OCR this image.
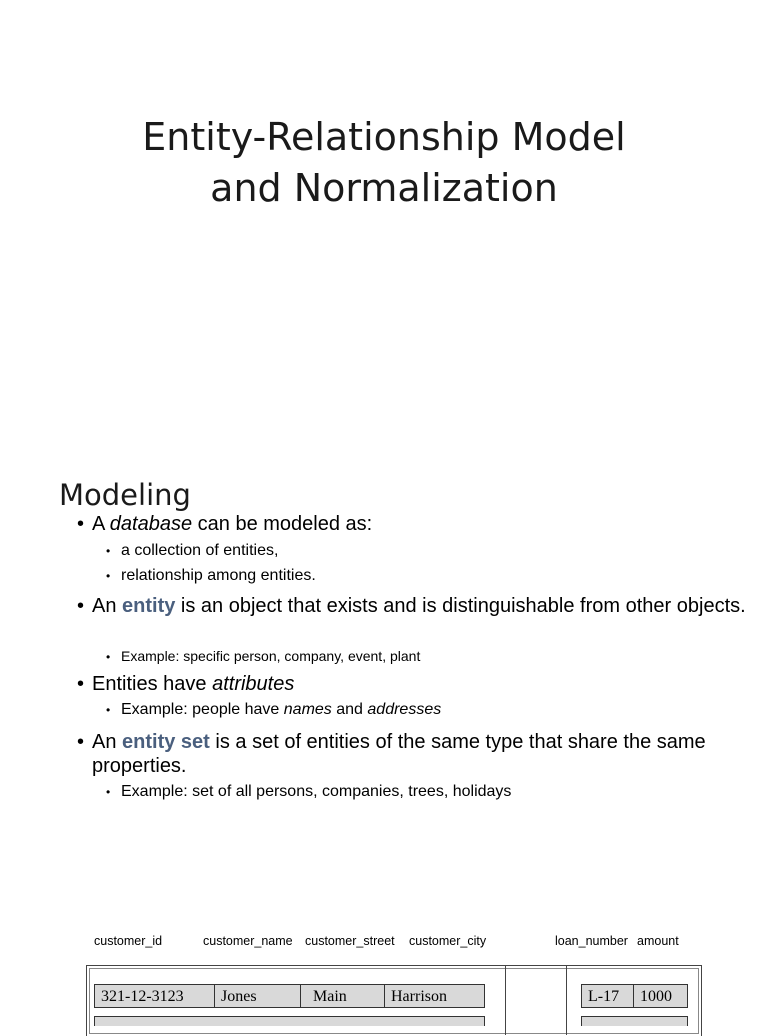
Entity-Relationship Model
and Normalization
Modeling
• A database can be modeled as:
• a collection of entities,
• relationship among entities.
• An entity is an object that exists and is distinguishable from other objects.
• Example: specific person, company, event, plant
• Entities have attributes
• Example: people have names and addresses
• An entity set is a set of entities of the same type that share the same properties.
• Example: set of all persons, companies, trees, holidays
customer_id	customer_name customer_street customer_city	loan_number amount
321-12-3123	Jones	Main	Harrison	L-17	1000
